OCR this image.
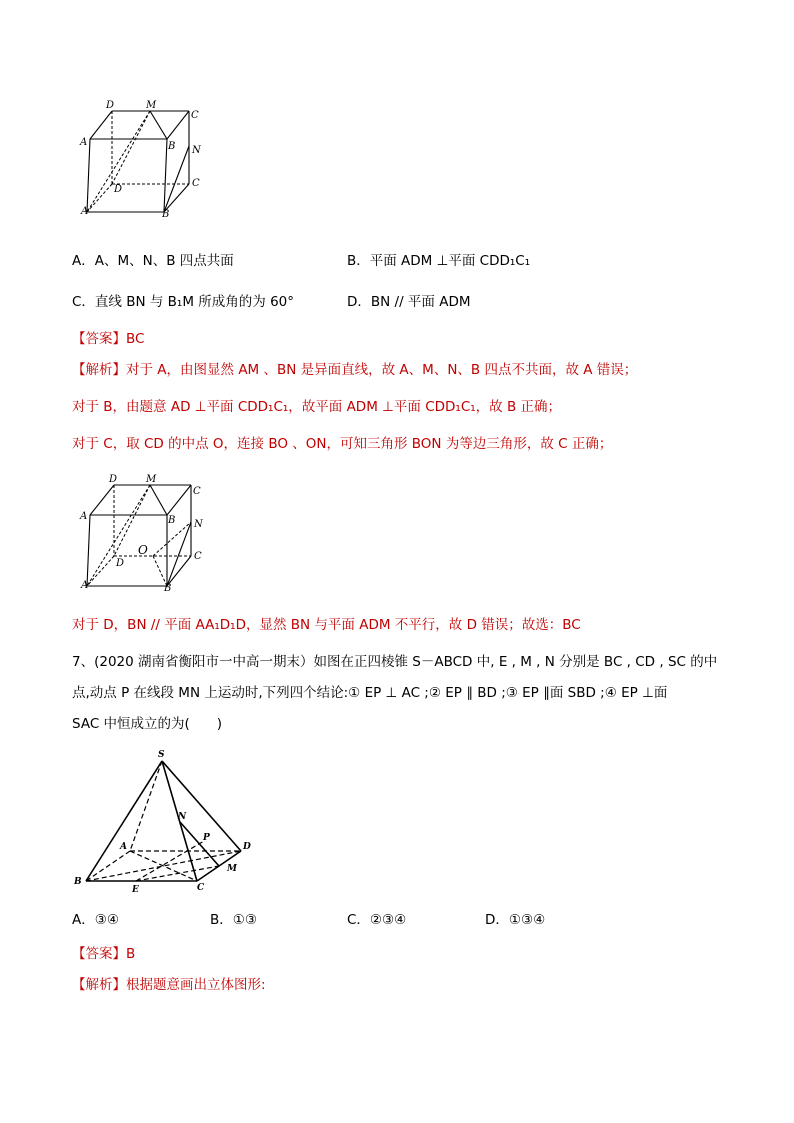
D	M
C
A	B N
D
C
A	B
A．A、M、N、B 四点共面	B．平面 ADM ⊥平面 CDD₁C₁
C．直线 BN 与 B₁M 所成角的为 60°	D．BN // 平面 ADM
【答案】BC
【解析】对于 A，由图显然 AM 、BN 是异面直线，故 A、M、N、B 四点不共面，故 A 错误；
对于 B，由题意 AD ⊥平面 CDD₁C₁，故平面 ADM ⊥平面 CDD₁C₁，故 B 正确；
对于 C，取 CD 的中点 O，连接 BO 、ON，可知三角形 BON 为等边三角形，故 C 正确；
D	M
C
A	B N
O
D
C
A	B
对于 D，BN // 平面 AA₁D₁D，显然 BN 与平面 ADM 不平行，故 D 错误；故选：BC
7、(2020 湖南省衡阳市一中高一期末）如图在正四棱锥 S－ABCD 中, E , M , N 分别是 BC , CD , SC 的中
点,动点 P 在线段 MN 上运动时,下列四个结论:① EP ⊥ AC ;② EP ∥ BD ;③ EP ∥面 SBD ;④ EP ⊥面
SAC 中恒成立的为(　　)
S
N
P
A	D
M
B
E	C
A．③④	B．①③	C．②③④	D．①③④
【答案】B
【解析】根据题意画出立体图形:
